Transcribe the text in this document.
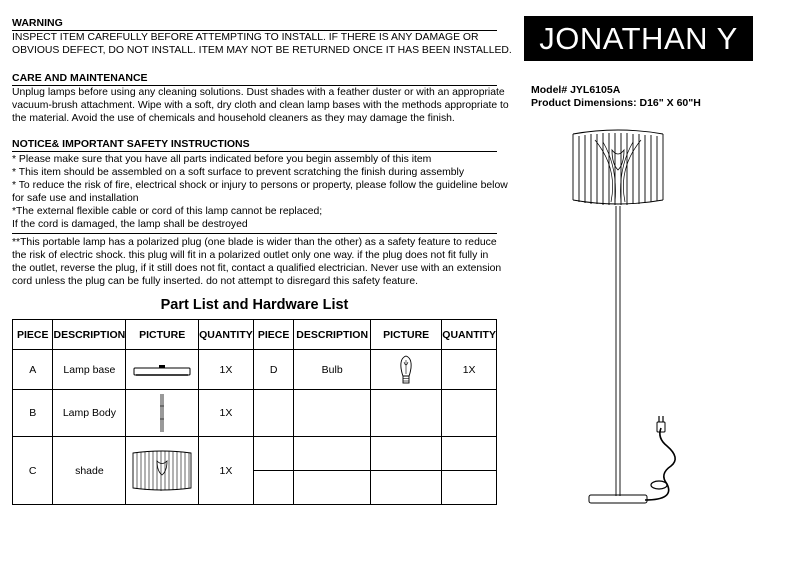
WARNING
INSPECT ITEM CAREFULLY BEFORE ATTEMPTING TO INSTALL. IF THERE IS ANY DAMAGE OR
OBVIOUS DEFECT, DO NOT INSTALL. ITEM MAY NOT BE RETURNED ONCE IT HAS BEEN INSTALLED.
CARE AND MAINTENANCE
Unplug lamps before using any cleaning solutions. Dust shades with a feather duster or with an appropriate
vacuum-brush attachment. Wipe with a soft, dry cloth and clean lamp bases with the methods appropriate to
the material. Avoid the use of chemicals and household cleaners as they may damage the finish.
NOTICE& IMPORTANT SAFETY INSTRUCTIONS
* Please make sure that you have all parts indicated before you begin assembly of this item
* This item should be assembled on a soft surface to prevent scratching the finish during assembly
* To reduce the risk of fire, electrical shock or injury to persons or property, please follow the guideline below
for safe use and installation
*The external flexible cable or cord of this lamp cannot be replaced;
If the cord is damaged, the lamp shall be destroyed
**This portable lamp has a polarized plug (one blade is wider than the other) as a safety feature to reduce
the risk of electric shock. this plug will fit in a polarized outlet only one way. if the plug does not fit fully in
the outlet, reverse the plug, if it still does not fit, contact a qualified electrician. Never use with an extension
cord unless the plug can be fully inserted. do not attempt to disregard this safety feature.
JONATHAN Y
Model# JYL6105A
Product Dimensions: D16" X 60"H
Part List and Hardware List
PIECE	DESCRIPTION	PICTURE	QUANTITY	PIECE	DESCRIPTION	PICTURE	QUANTITY
A	Lamp base		1X	D	Bulb		1X
B	Lamp Body		1X				
C	shade		1X				
